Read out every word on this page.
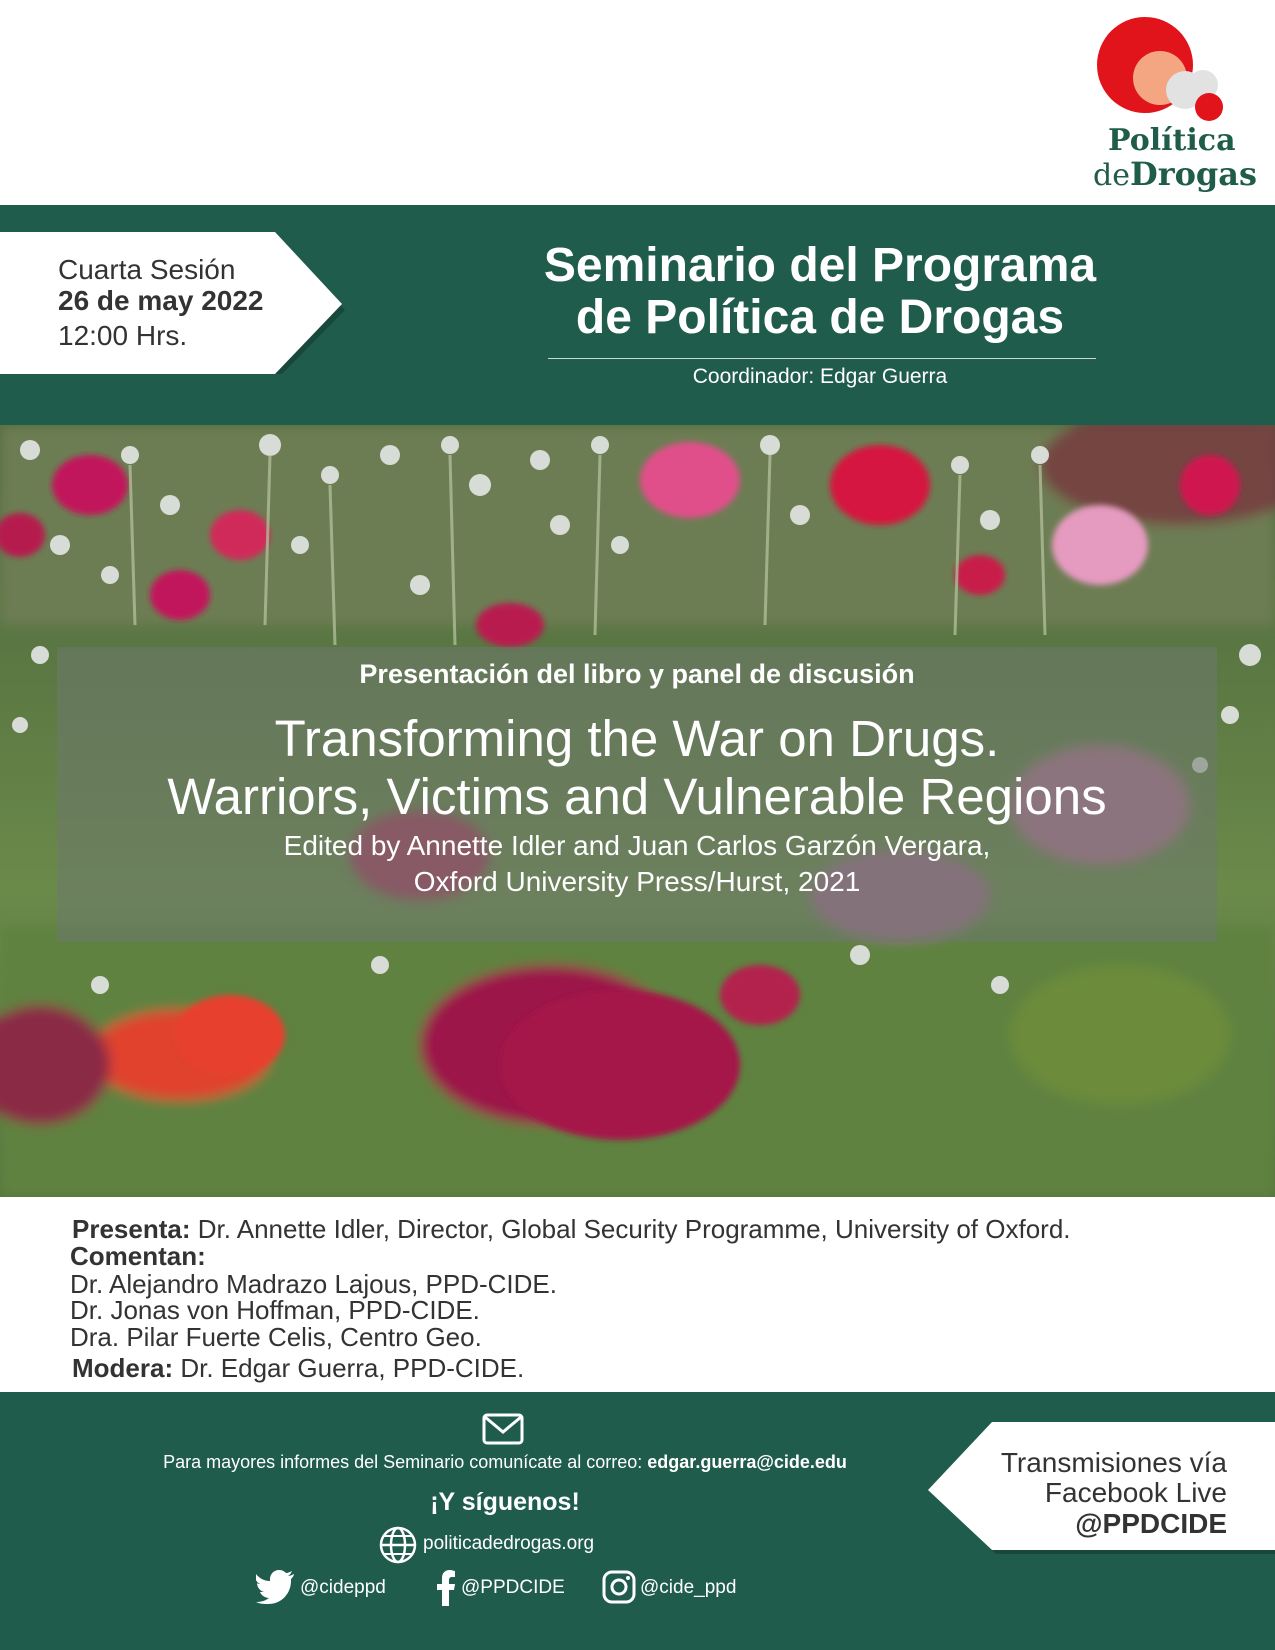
Política
deDrogas
Cuarta Sesión
26 de may 2022
12:00 Hrs.
Seminario del Programa
de Política de Drogas
Coordinador: Edgar Guerra
Presentación del libro y panel de discusión
Transforming the War on Drugs.
Warriors, Victims and Vulnerable Regions
Edited by Annette Idler and Juan Carlos Garzón Vergara,
Oxford University Press/Hurst, 2021
Presenta: Dr. Annette Idler, Director, Global Security Programme, University of Oxford.
Comentan:
Dr. Alejandro Madrazo Lajous, PPD-CIDE.
Dr. Jonas von Hoffman, PPD-CIDE.
Dra. Pilar Fuerte Celis, Centro Geo.
Modera: Dr. Edgar Guerra, PPD-CIDE.
Para mayores informes del Seminario comunícate al correo: edgar.guerra@cide.edu
¡Y síguenos!
politicadedrogas.org
@cideppd	@PPDCIDE	@cide_ppd
Transmisiones vía
Facebook Live
@PPDCIDE
